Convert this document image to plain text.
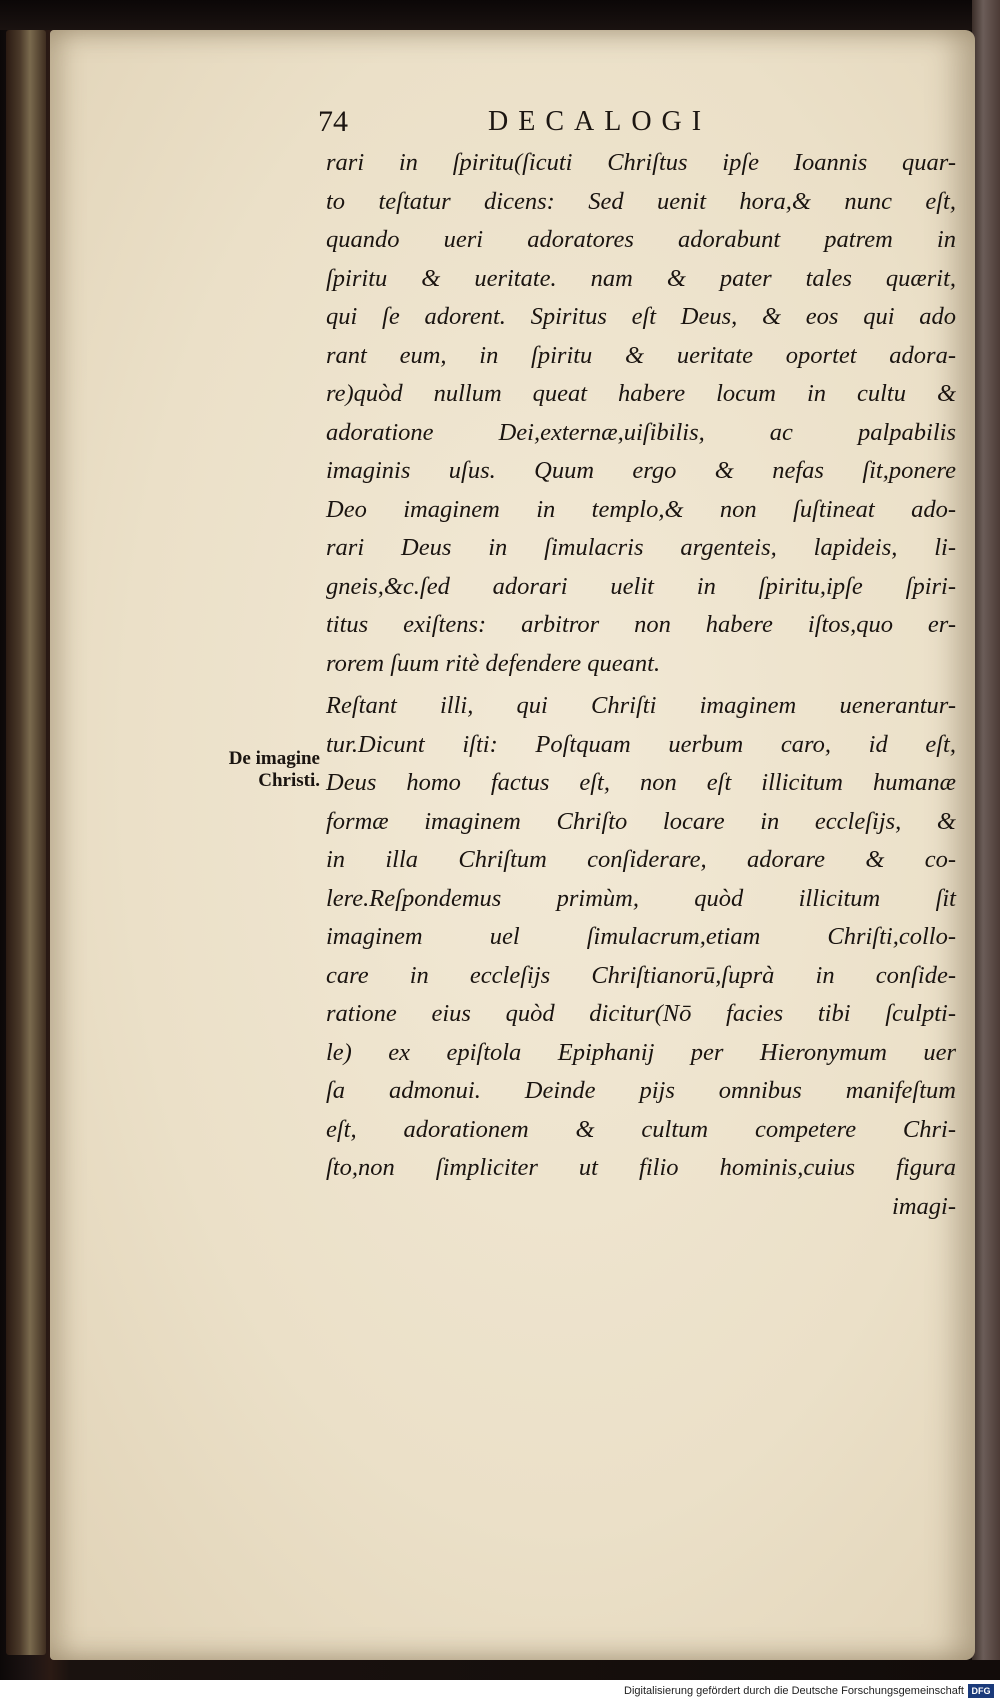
74	DECALOGI
De imagine
Christi.
rari in ſpiritu(ſicuti Chriſtus ipſe Ioannis quar-
to teſtatur dicens: Sed uenit hora,& nunc eſt,
quando ueri adoratores adorabunt patrem in
ſpiritu & ueritate. nam & pater tales quærit,
qui ſe adorent. Spiritus eſt Deus, & eos qui ado
rant eum, in ſpiritu & ueritate oportet adora-
re)quòd nullum queat habere locum in cultu &
adoratione Dei,externæ,uiſibilis, ac palpabilis
imaginis uſus. Quum ergo & nefas ſit,ponere
Deo imaginem in templo,& non ſuſtineat ado-
rari Deus in ſimulacris argenteis, lapideis, li-
gneis,&c.ſed adorari uelit in ſpiritu,ipſe ſpiri-
titus exiſtens: arbitror non habere iſtos,quo er-
rorem ſuum ritè defendere queant.
Reſtant illi, qui Chriſti imaginem uenerantur-
tur.Dicunt iſti: Poſtquam uerbum caro, id eſt,
Deus homo factus eſt, non eſt illicitum humanæ
formæ imaginem Chriſto locare in eccleſijs, &
in illa Chriſtum conſiderare, adorare & co-
lere.Reſpondemus primùm, quòd illicitum ſit
imaginem uel ſimulacrum,etiam Chriſti,collo-
care in eccleſijs Chriſtianorū,ſuprà in conſide-
ratione eius quòd dicitur(Nō facies tibi ſculpti-
le) ex epiſtola Epiphanij per Hieronymum uer
ſa admonui. Deinde pijs omnibus manifeſtum
eſt, adorationem & cultum competere Chri-
ſto,non ſimpliciter ut filio hominis,cuius figura
imagi-
Digitalisierung gefördert durch die Deutsche Forschungsgemeinschaft DFG
